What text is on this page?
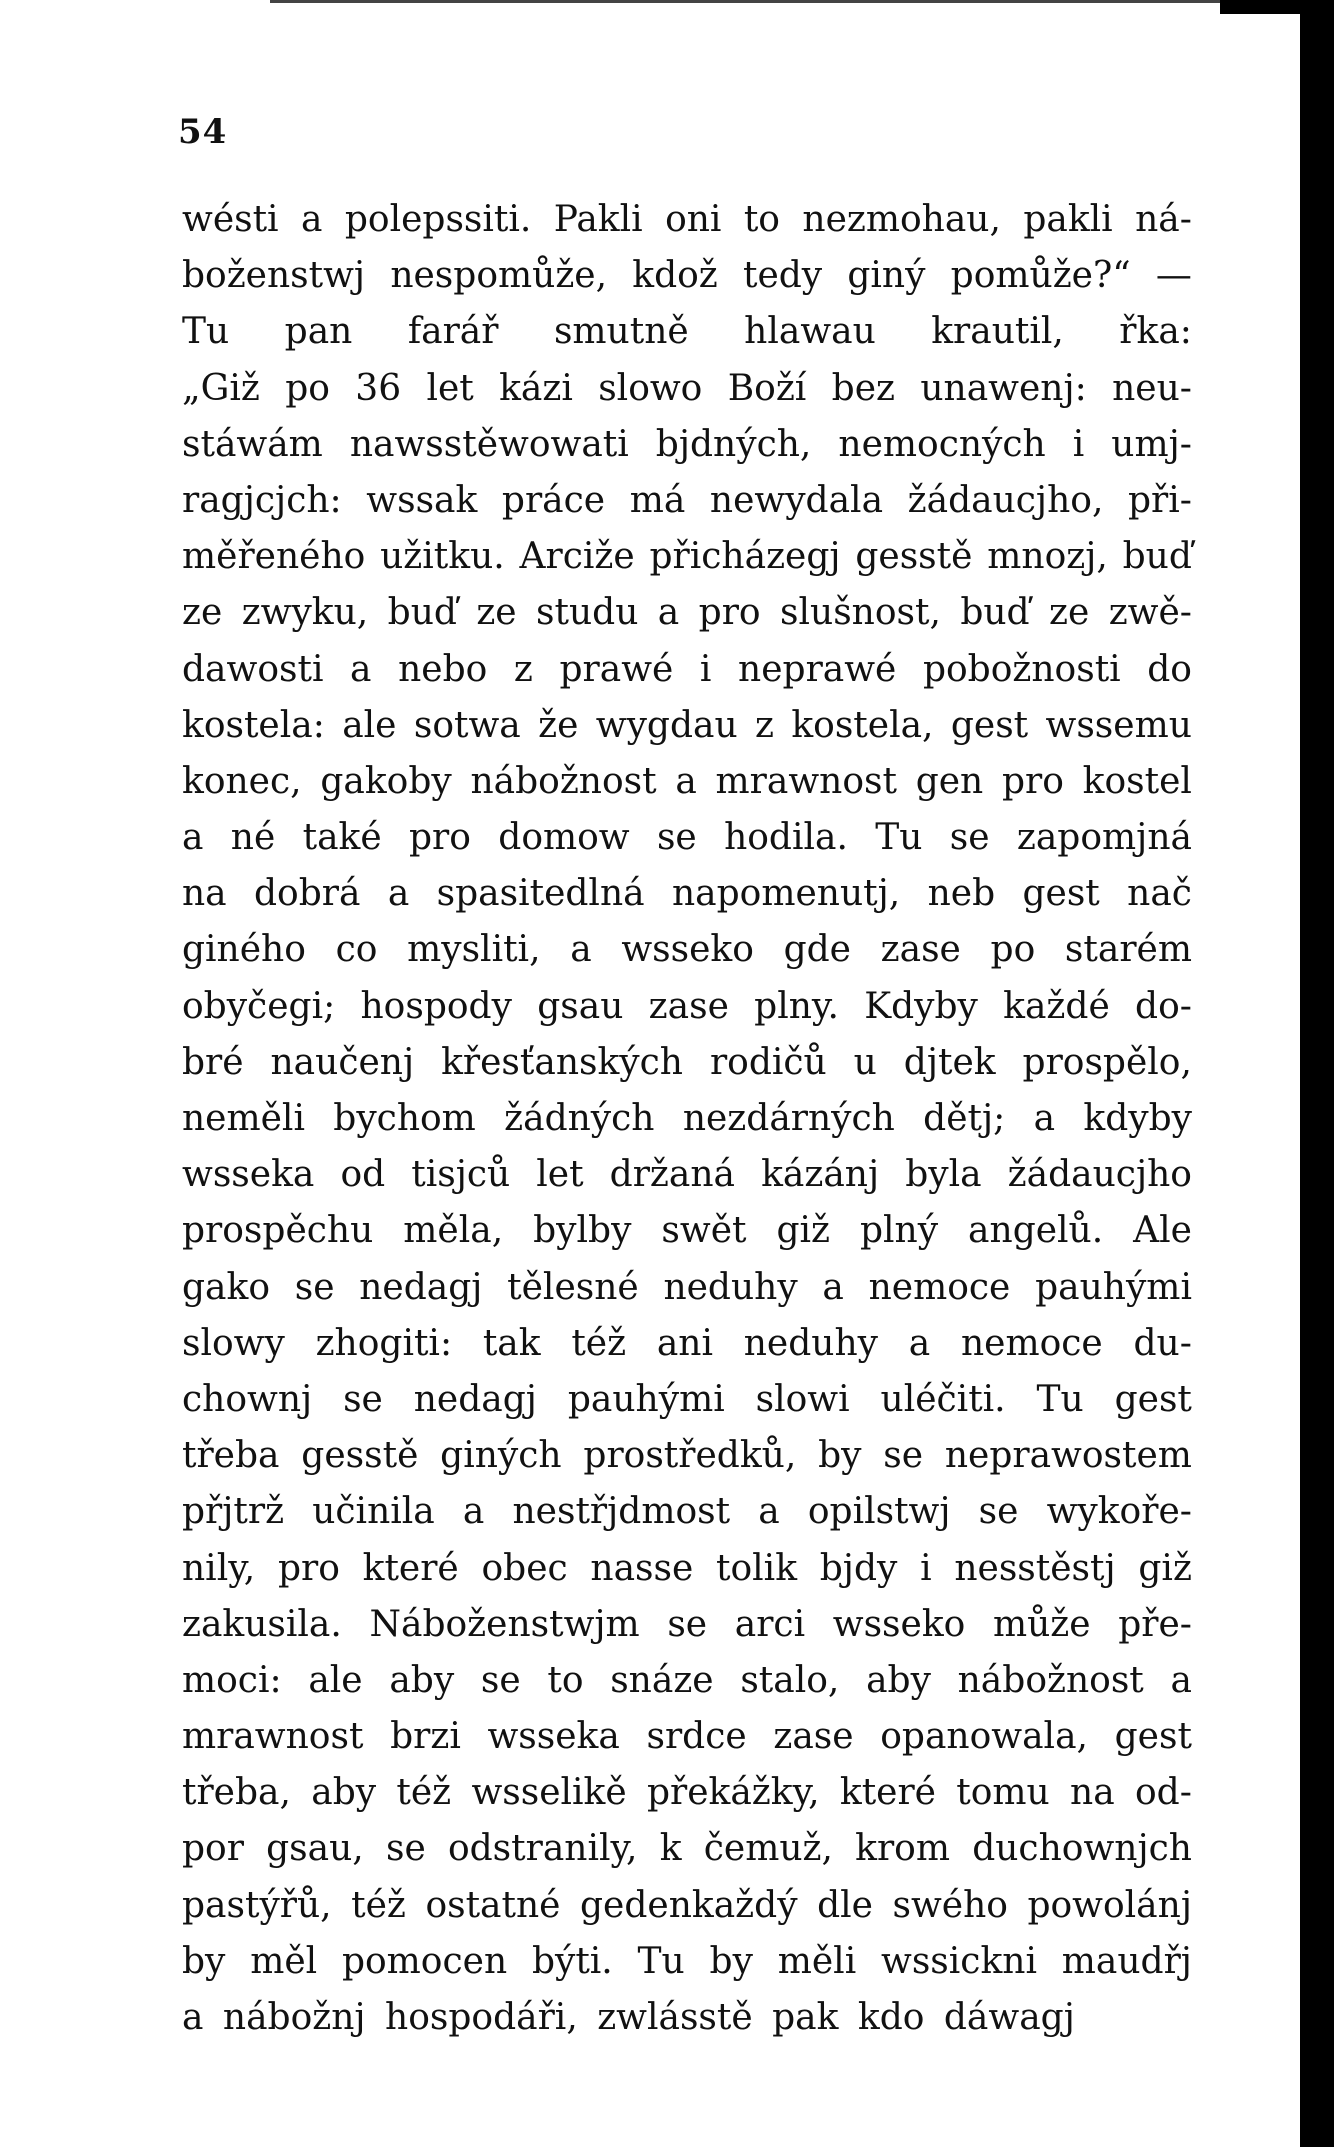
54
wésti a polepssiti. Pakli oni to nezmohau, pakli ná-
boženstwj nespomůže, kdož tedy giný pomůže?“ —
Tu pan farář smutně hlawau krautil, řka:
„Giž po 36 let kázi slowo Boží bez unawenj: neu-
stáwám nawsstěwowati bjdných, nemocných i umj-
ragjcjch: wssak práce má newydala žádaucjho, při-
měřeného užitku. Arciže přicházegj gesstě mnozj, buď
ze zwyku, buď ze studu a pro slušnost, buď ze zwě-
dawosti a nebo z prawé i neprawé pobožnosti do
kostela: ale sotwa že wygdau z kostela, gest wssemu
konec, gakoby nábožnost a mrawnost gen pro kostel
a né také pro domow se hodila. Tu se zapomjná
na dobrá a spasitedlná napomenutj, neb gest nač
giného co mysliti, a wsseko gde zase po starém
obyčegi; hospody gsau zase plny. Kdyby každé do-
bré naučenj křesťanských rodičů u djtek prospělo,
neměli bychom žádných nezdárných dětj; a kdyby
wsseka od tisjců let držaná kázánj byla žádaucjho
prospěchu měla, bylby swět giž plný angelů. Ale
gako se nedagj tělesné neduhy a nemoce pauhými
slowy zhogiti: tak též ani neduhy a nemoce du-
chownj se nedagj pauhými slowi uléčiti. Tu gest
třeba gesstě giných prostředků, by se neprawostem
přjtrž učinila a nestřjdmost a opilstwj se wykoře-
nily, pro které obec nasse tolik bjdy i nesstěstj giž
zakusila. Náboženstwjm se arci wsseko může pře-
moci: ale aby se to snáze stalo, aby nábožnost a
mrawnost brzi wsseka srdce zase opanowala, gest
třeba, aby též wsselikě překážky, které tomu na od-
por gsau, se odstranily, k čemuž, krom duchownjch
pastýřů, též ostatné gedenkaždý dle swého powolánj
by měl pomocen býti. Tu by měli wssickni maudřj
a nábožnj hospodáři, zwlásstě pak kdo dáwagj
